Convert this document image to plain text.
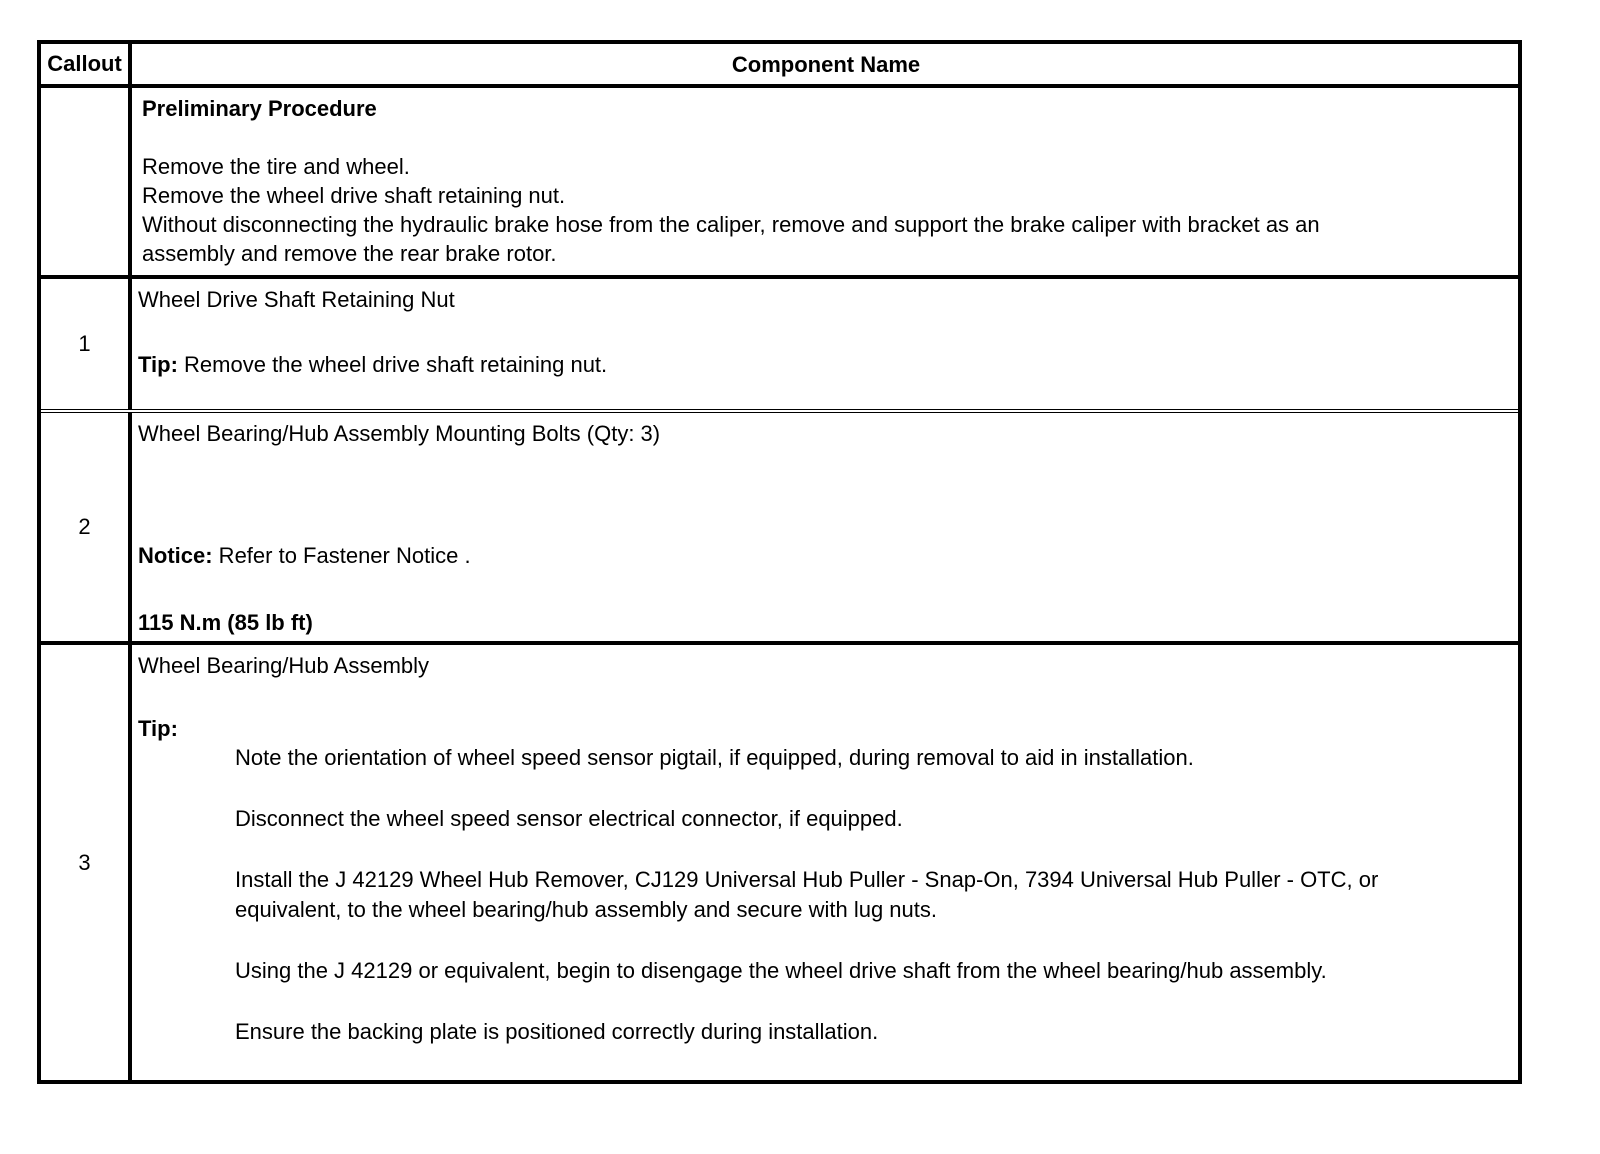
Callout	Component Name
Preliminary Procedure
Remove the tire and wheel.
Remove the wheel drive shaft retaining nut.
Without disconnecting the hydraulic brake hose from the caliper, remove and support the brake caliper with bracket as an
assembly and remove the rear brake rotor.
1
Wheel Drive Shaft Retaining Nut
Tip: Remove the wheel drive shaft retaining nut.
2
Wheel Bearing/Hub Assembly Mounting Bolts (Qty: 3)
Notice: Refer to Fastener Notice .
115 N.m (85 lb ft)
3
Wheel Bearing/Hub Assembly
Tip:
Note the orientation of wheel speed sensor pigtail, if equipped, during removal to aid in installation.
Disconnect the wheel speed sensor electrical connector, if equipped.
Install the J 42129 Wheel Hub Remover, CJ129 Universal Hub Puller - Snap-On, 7394 Universal Hub Puller - OTC, or
equivalent, to the wheel bearing/hub assembly and secure with lug nuts.
Using the J 42129 or equivalent, begin to disengage the wheel drive shaft from the wheel bearing/hub assembly.
Ensure the backing plate is positioned correctly during installation.
